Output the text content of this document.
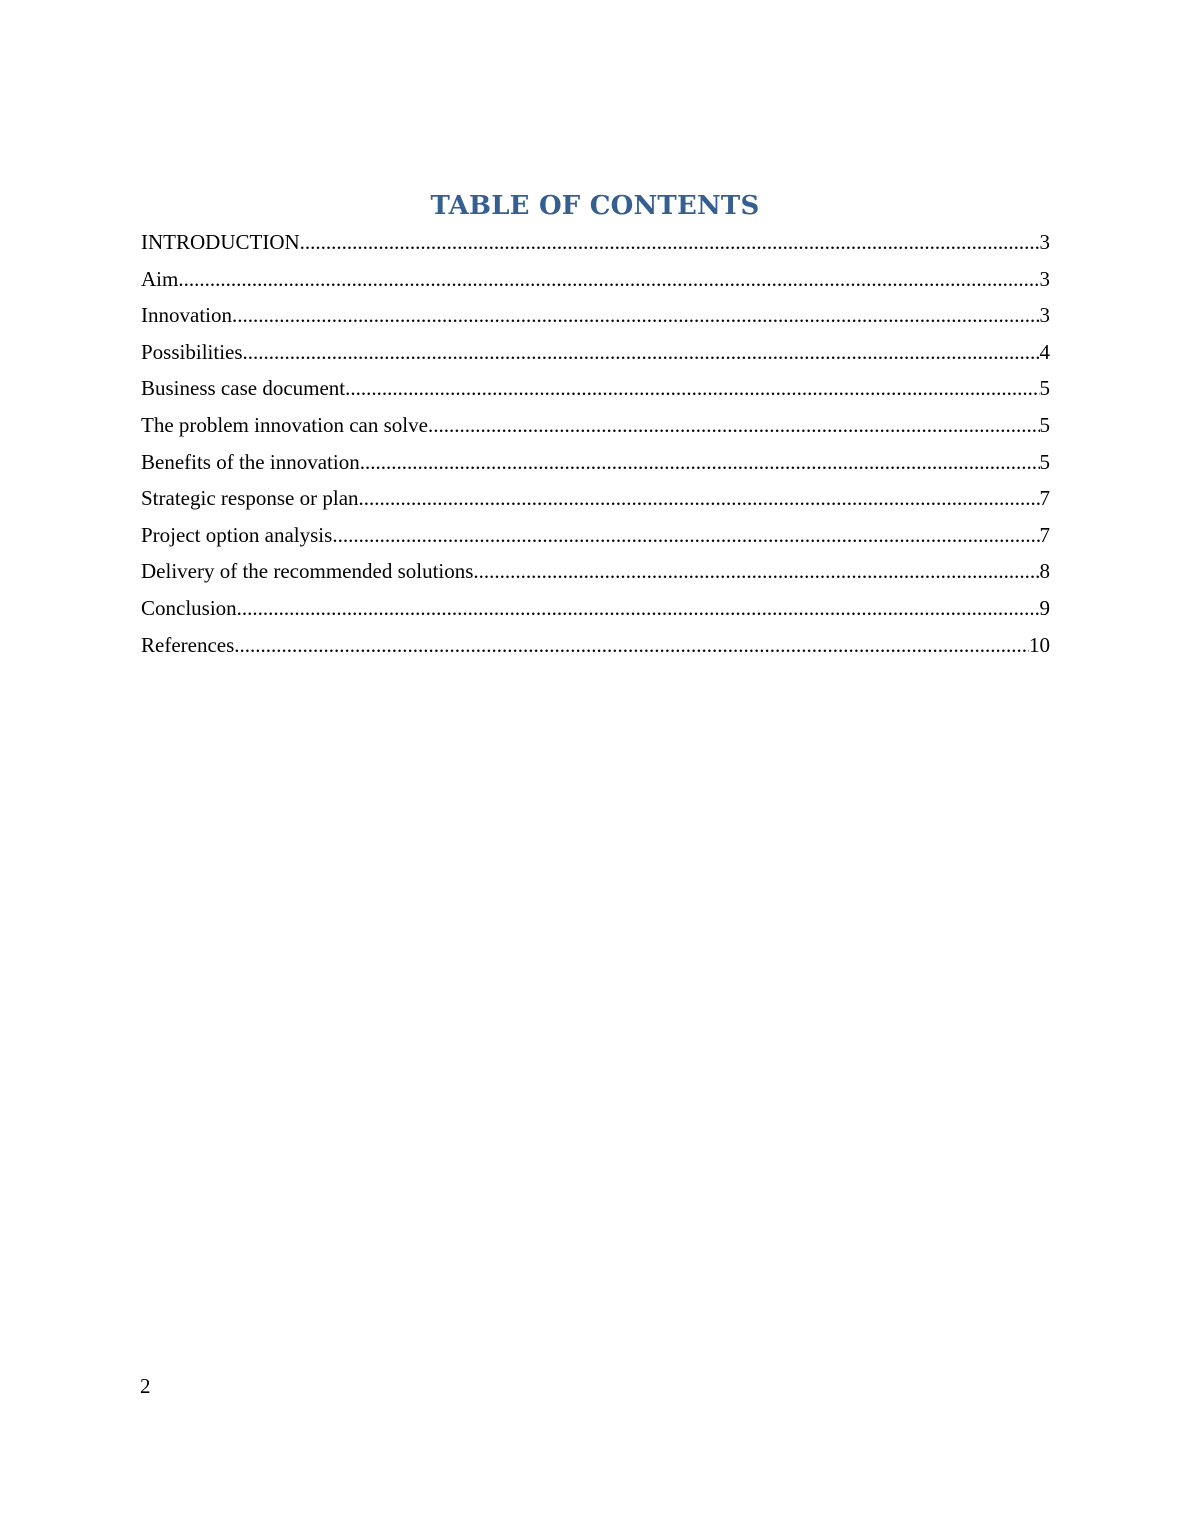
TABLE OF CONTENTS
INTRODUCTION .....	3
Aim .....	3
Innovation .....	3
Possibilities .....	4
Business case document .....	5
The problem innovation can solve .....	5
Benefits of the innovation .....	5
Strategic response or plan .....	7
Project option analysis .....	7
Delivery of the recommended solutions .....	8
Conclusion .....	9
References .....	10
2
